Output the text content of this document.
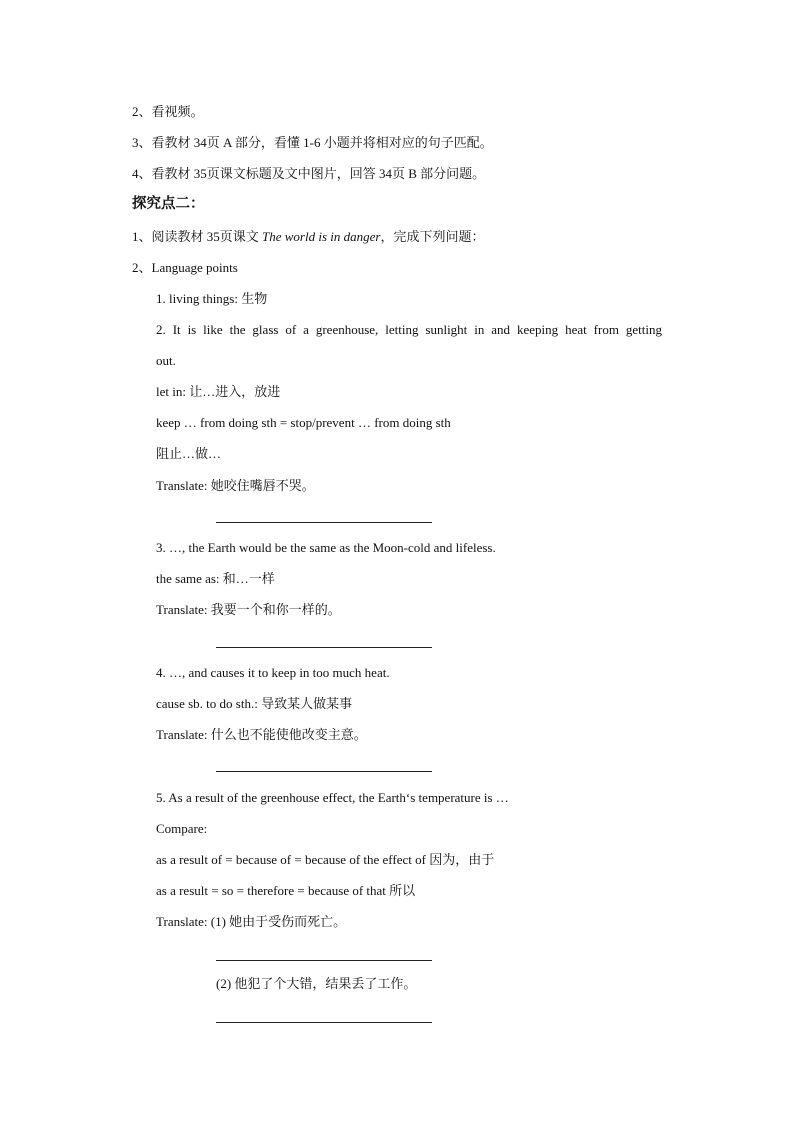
2、看视频。
3、看教材 34页 A 部分，看懂 1-6 小题并将相对应的句子匹配。
4、看教材 35页课文标题及文中图片，回答 34页 B 部分问题。
探究点二：
1、阅读教材 35页课文 The world is in danger，完成下列问题：
2、Language points
1. living things: 生物
2. It is like the glass of a greenhouse, letting sunlight in and keeping heat from getting
out.
let in: 让…进入，放进
keep … from doing sth = stop/prevent … from doing sth
阻止…做…
Translate: 她咬住嘴唇不哭。
3. …, the Earth would be the same as the Moon-cold and lifeless.
the same as: 和…一样
Translate: 我要一个和你一样的。
4. …, and causes it to keep in too much heat.
cause sb. to do sth.: 导致某人做某事
Translate: 什么也不能使他改变主意。
5. As a result of the greenhouse effect, the Earth‘s temperature is …
Compare:
as a result of = because of = because of the effect of 因为，由于
as a result = so = therefore = because of that 所以
Translate: (1) 她由于受伤而死亡。
(2) 他犯了个大错，结果丢了工作。
